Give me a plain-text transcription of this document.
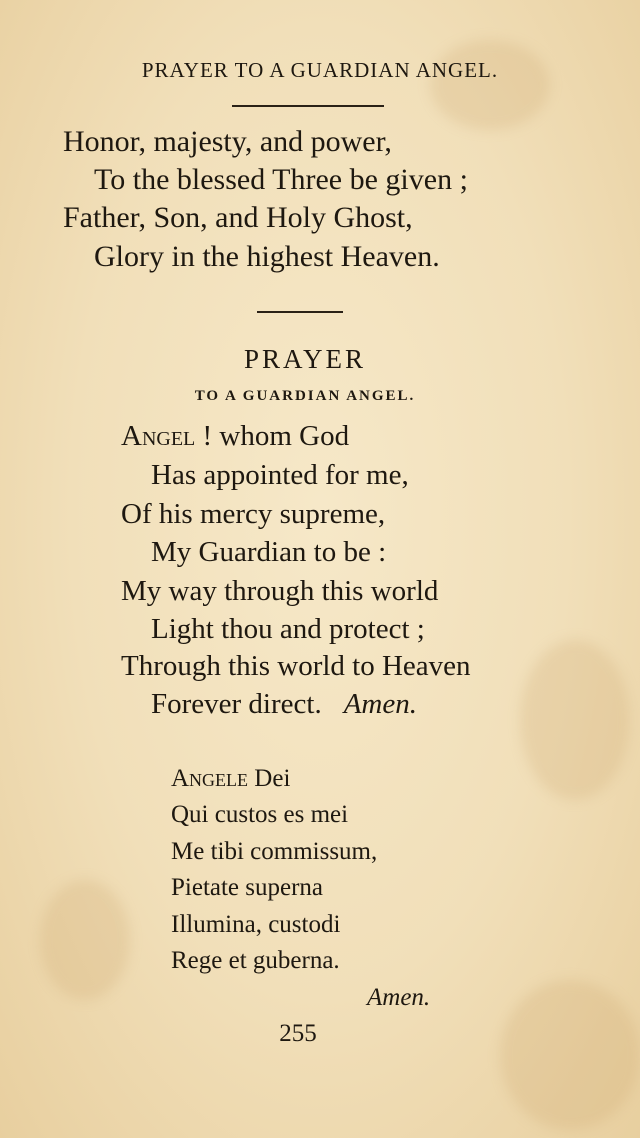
PRAYER TO A GUARDIAN ANGEL.
Honor, majesty, and power,
To the blessed Three be given ;
Father, Son, and Holy Ghost,
Glory in the highest Heaven.
PRAYER
TO A GUARDIAN ANGEL.
Angel ! whom God
Has appointed for me,
Of his mercy supreme,
My Guardian to be :
My way through this world
Light thou and protect ;
Through this world to Heaven
Forever direct. Amen.
Angele Dei
Qui custos es mei
Me tibi commissum,
Pietate superna
Illumina, custodi
Rege et guberna.
Amen.
255
